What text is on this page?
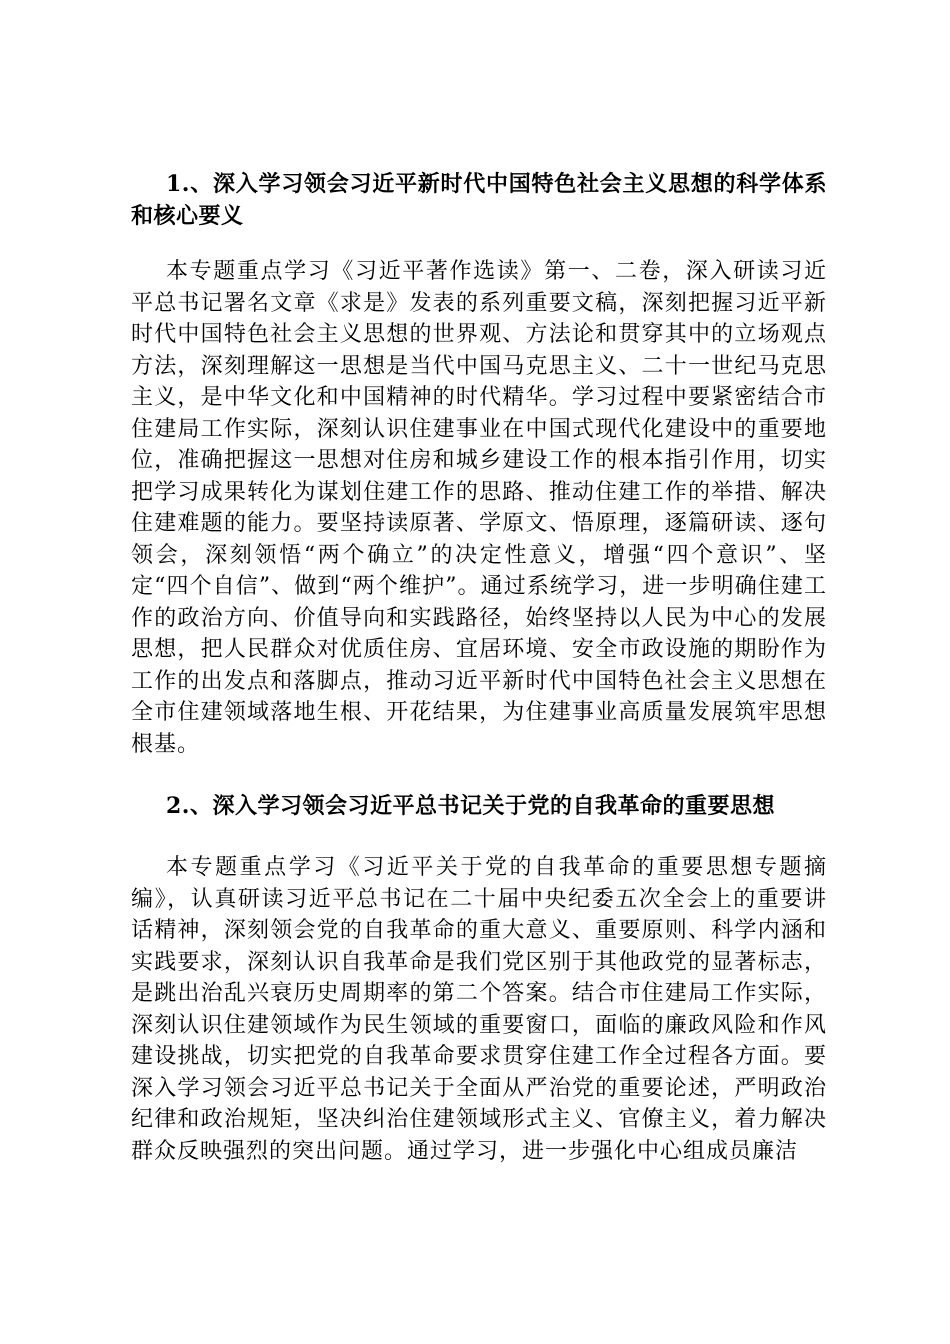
1.、深入学习领会习近平新时代中国特色社会主义思想的科学体系和核心要义

本专题重点学习《习近平著作选读》第一、二卷，深入研读习近平总书记署名文章《求是》发表的系列重要文稿，深刻把握习近平新时代中国特色社会主义思想的世界观、方法论和贯穿其中的立场观点方法，深刻理解这一思想是当代中国马克思主义、二十一世纪马克思主义，是中华文化和中国精神的时代精华。学习过程中要紧密结合市住建局工作实际，深刻认识住建事业在中国式现代化建设中的重要地位，准确把握这一思想对住房和城乡建设工作的根本指引作用，切实把学习成果转化为谋划住建工作的思路、推动住建工作的举措、解决住建难题的能力。要坚持读原著、学原文、悟原理，逐篇研读、逐句领会，深刻领悟“两个确立”的决定性意义，增强“四个意识”、坚定“四个自信”、做到“两个维护”。通过系统学习，进一步明确住建工作的政治方向、价值导向和实践路径，始终坚持以人民为中心的发展思想，把人民群众对优质住房、宜居环境、安全市政设施的期盼作为工作的出发点和落脚点，推动习近平新时代中国特色社会主义思想在全市住建领域落地生根、开花结果，为住建事业高质量发展筑牢思想根基。

2.、深入学习领会习近平总书记关于党的自我革命的重要思想

本专题重点学习《习近平关于党的自我革命的重要思想专题摘编》，认真研读习近平总书记在二十届中央纪委五次全会上的重要讲话精神，深刻领会党的自我革命的重大意义、重要原则、科学内涵和实践要求，深刻认识自我革命是我们党区别于其他政党的显著标志，是跳出治乱兴衰历史周期率的第二个答案。结合市住建局工作实际，深刻认识住建领域作为民生领域的重要窗口，面临的廉政风险和作风建设挑战，切实把党的自我革命要求贯穿住建工作全过程各方面。要深入学习领会习近平总书记关于全面从严治党的重要论述，严明政治纪律和政治规矩，坚决纠治住建领域形式主义、官僚主义，着力解决群众反映强烈的突出问题。通过学习，进一步强化中心组成员廉洁
